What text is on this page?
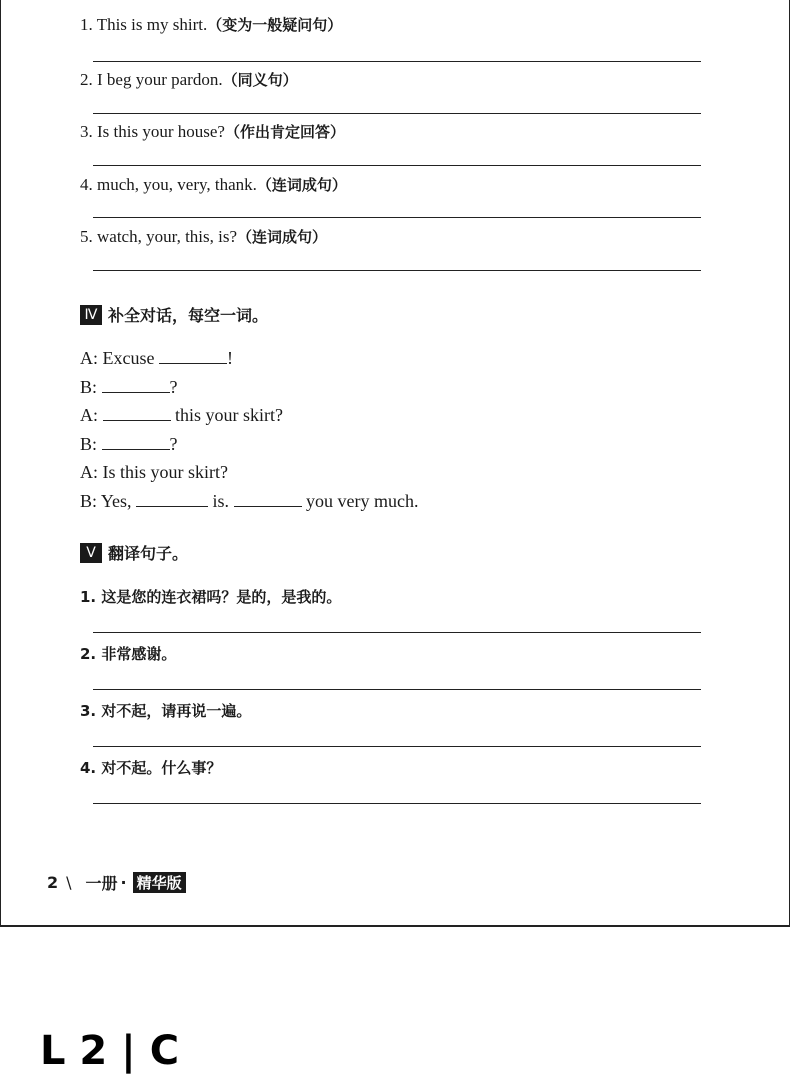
1. This is my shirt.（变为一般疑问句）
2. I beg your pardon.（同义句）
3. Is this your house?（作出肯定回答）
4. much, you, very, thank.（连词成句）
5. watch, your, this, is?（连词成句）
Ⅳ 补全对话，每空一词。
A: Excuse	!
B:	?
A:	this your skirt?
B:	?
A: Is this your skirt?
B: Yes,	is.	you very much.
Ⅴ 翻译句子。
1. 这是您的连衣裙吗？是的，是我的。
2. 非常感谢。
3. 对不起，请再说一遍。
4. 对不起。什么事？
2 \ 一册 · 精华版
L 2 | C
